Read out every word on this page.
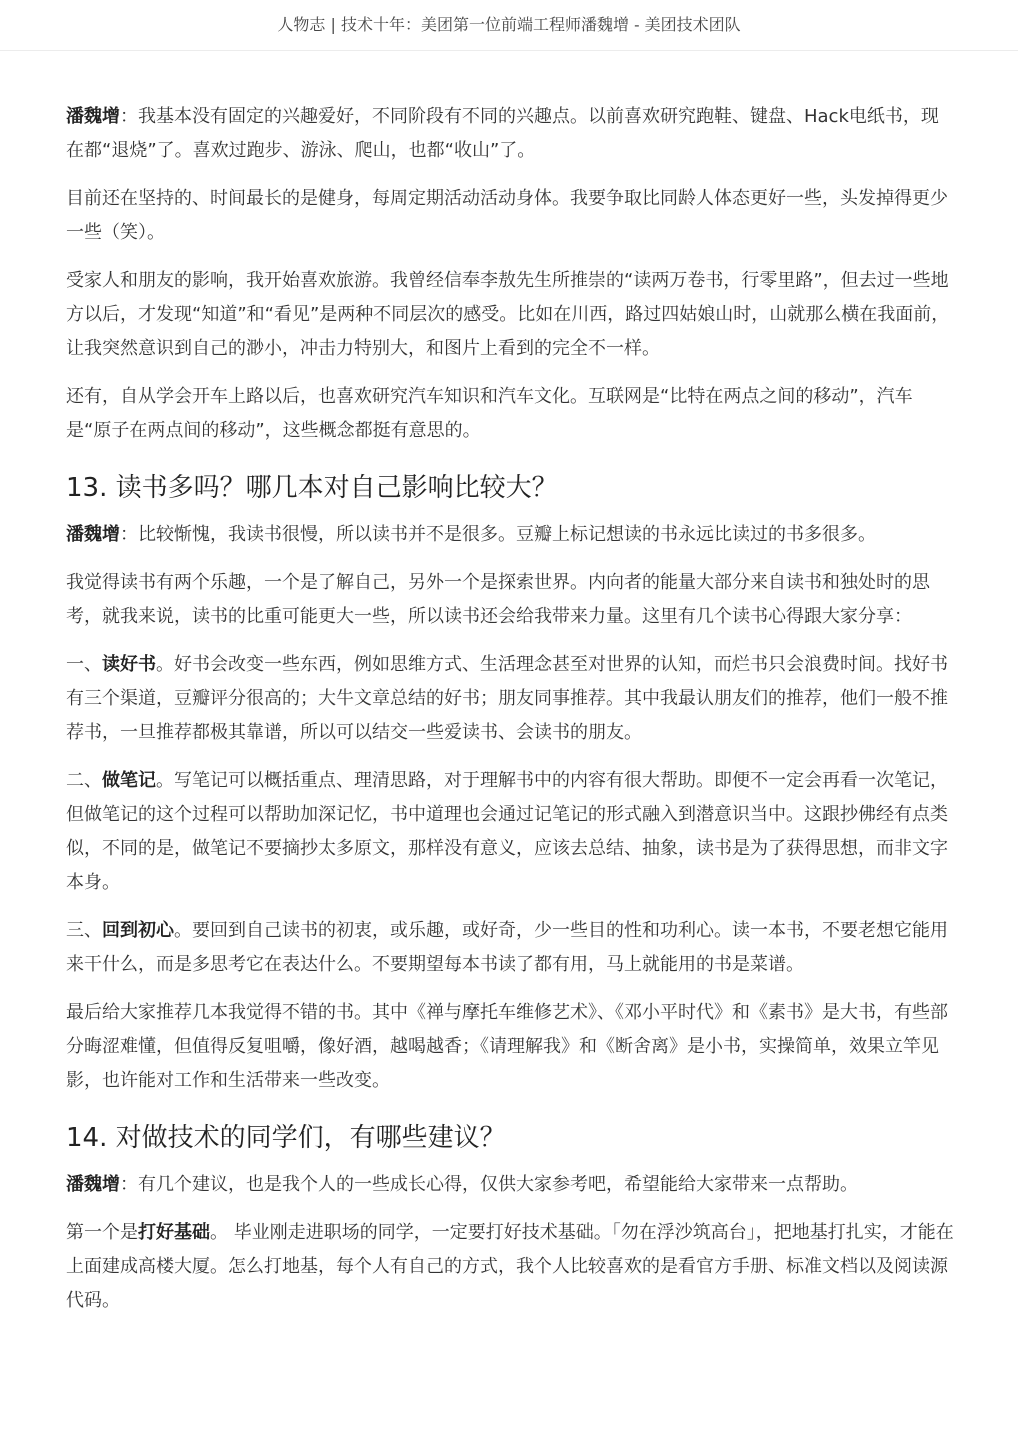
人物志 | 技术十年：美团第一位前端工程师潘魏增 - 美团技术团队

潘魏增：我基本没有固定的兴趣爱好，不同阶段有不同的兴趣点。以前喜欢研究跑鞋、键盘、Hack电纸书，现在都“退烧”了。喜欢过跑步、游泳、爬山，也都“收山”了。

目前还在坚持的、时间最长的是健身，每周定期活动活动身体。我要争取比同龄人体态更好一些，头发掉得更少一些（笑）。

受家人和朋友的影响，我开始喜欢旅游。我曾经信奉李敖先生所推崇的“读两万卷书，行零里路”，但去过一些地方以后，才发现“知道”和“看见”是两种不同层次的感受。比如在川西，路过四姑娘山时，山就那么横在我面前，让我突然意识到自己的渺小，冲击力特别大，和图片上看到的完全不一样。

还有，自从学会开车上路以后，也喜欢研究汽车知识和汽车文化。互联网是“比特在两点之间的移动”，汽车是“原子在两点间的移动”，这些概念都挺有意思的。

13. 读书多吗？哪几本对自己影响比较大？

潘魏增：比较惭愧，我读书很慢，所以读书并不是很多。豆瓣上标记想读的书永远比读过的书多很多。

我觉得读书有两个乐趣，一个是了解自己，另外一个是探索世界。内向者的能量大部分来自读书和独处时的思考，就我来说，读书的比重可能更大一些，所以读书还会给我带来力量。这里有几个读书心得跟大家分享：

一、读好书。好书会改变一些东西，例如思维方式、生活理念甚至对世界的认知，而烂书只会浪费时间。找好书有三个渠道，豆瓣评分很高的；大牛文章总结的好书；朋友同事推荐。其中我最认朋友们的推荐，他们一般不推荐书，一旦推荐都极其靠谱，所以可以结交一些爱读书、会读书的朋友。

二、做笔记。写笔记可以概括重点、理清思路，对于理解书中的内容有很大帮助。即便不一定会再看一次笔记，但做笔记的这个过程可以帮助加深记忆，书中道理也会通过记笔记的形式融入到潜意识当中。这跟抄佛经有点类似，不同的是，做笔记不要摘抄太多原文，那样没有意义，应该去总结、抽象，读书是为了获得思想，而非文字本身。

三、回到初心。要回到自己读书的初衷，或乐趣，或好奇，少一些目的性和功利心。读一本书，不要老想它能用来干什么，而是多思考它在表达什么。不要期望每本书读了都有用，马上就能用的书是菜谱。

最后给大家推荐几本我觉得不错的书。其中《禅与摩托车维修艺术》、《邓小平时代》和《素书》是大书，有些部分晦涩难懂，但值得反复咀嚼，像好酒，越喝越香；《请理解我》和《断舍离》是小书，实操简单，效果立竿见影，也许能对工作和生活带来一些改变。

14. 对做技术的同学们，有哪些建议？

潘魏增：有几个建议，也是我个人的一些成长心得，仅供大家参考吧，希望能给大家带来一点帮助。

第一个是打好基础。 毕业刚走进职场的同学，一定要打好技术基础。「勿在浮沙筑高台」，把地基打扎实，才能在上面建成高楼大厦。怎么打地基，每个人有自己的方式，我个人比较喜欢的是看官方手册、标准文档以及阅读源代码。
